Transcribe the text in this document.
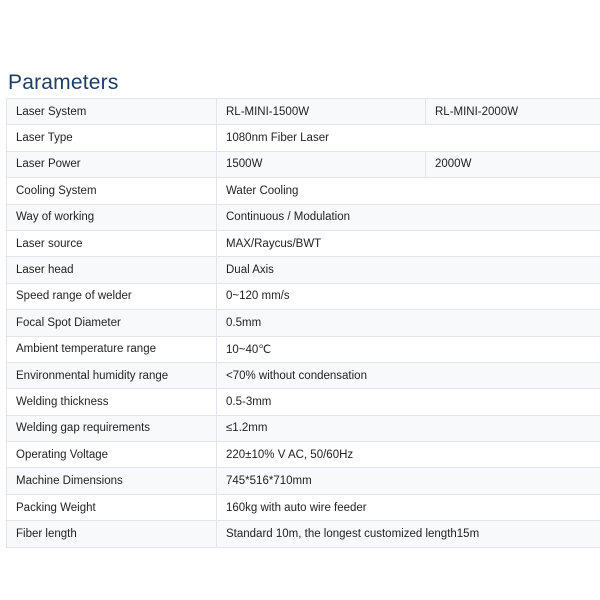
Parameters
Laser System	RL-MINI-1500W	RL-MINI-2000W
Laser Type	1080nm Fiber Laser	
Laser Power	1500W	2000W
Cooling System	Water Cooling	
Way of working	Continuous / Modulation	
Laser source	MAX/Raycus/BWT	
Laser head	Dual Axis	
Speed range of welder	0~120 mm/s	
Focal Spot Diameter	0.5mm	
Ambient temperature range	10~40℃	
Environmental humidity range	<70% without condensation	
Welding thickness	0.5-3mm	
Welding gap requirements	≤1.2mm	
Operating Voltage	220±10% V AC, 50/60Hz	
Machine Dimensions	745*516*710mm	
Packing Weight	160kg with auto wire feeder	
Fiber length	Standard 10m, the longest customized length15m	
